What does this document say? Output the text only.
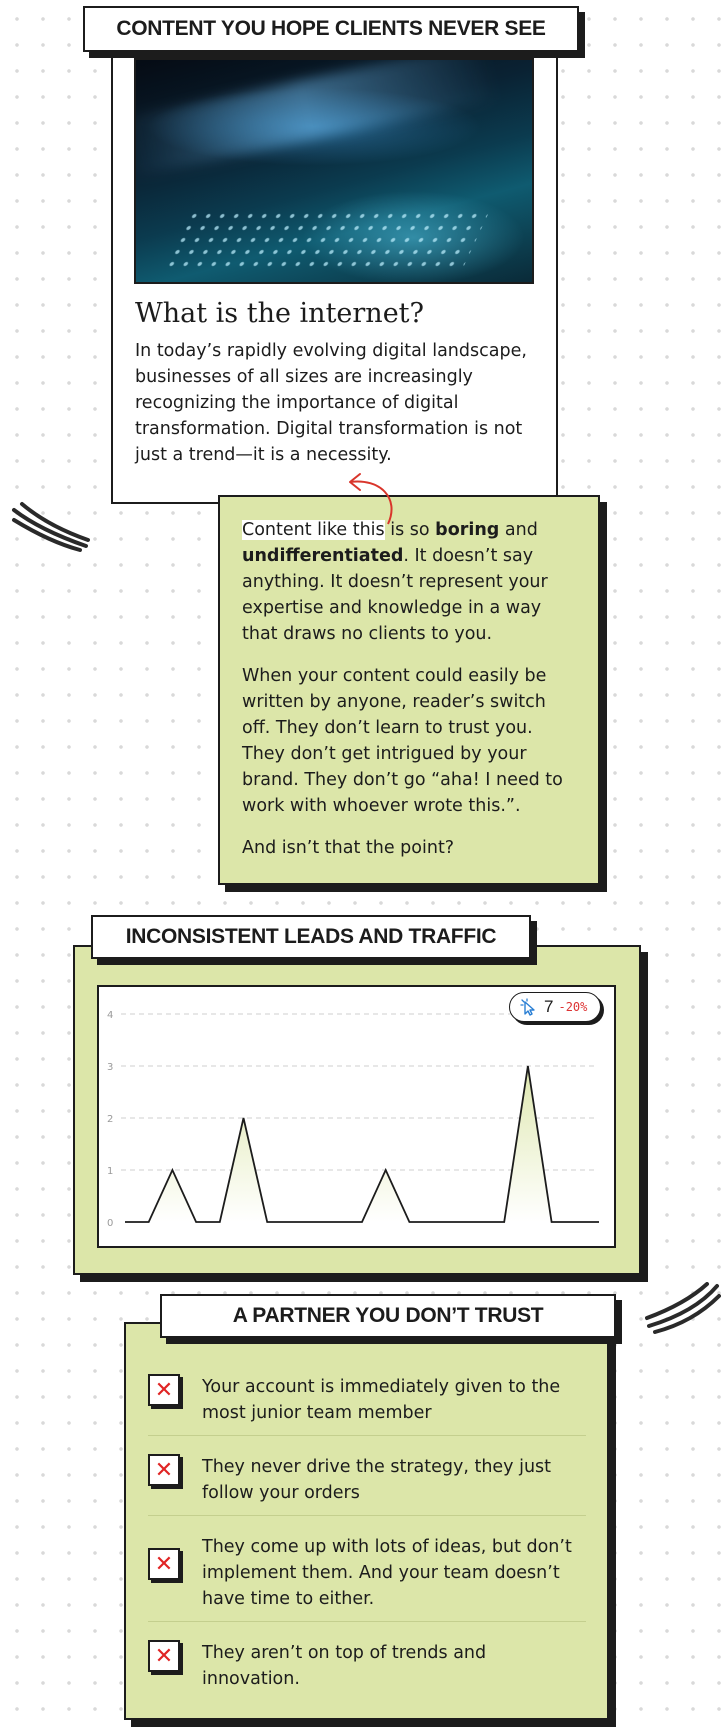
CONTENT YOU HOPE CLIENTS NEVER SEE
What is the internet?
In today’s rapidly evolving digital landscape, businesses of all sizes are increasingly recognizing the importance of digital transformation. Digital transformation is not just a trend—it is a necessity.

Content like this is so boring and undifferentiated. It doesn’t say anything. It doesn’t represent your expertise and knowledge in a way that draws no clients to you.

When your content could easily be written by anyone, reader’s switch off. They don’t learn to trust you. They don’t get intrigued by your brand. They don’t go “aha! I need to work with whoever wrote this.”.

And isn’t that the point?

INCONSISTENT LEADS AND TRAFFIC
0
1
2
3
4	7 -20%
A PARTNER YOU DON’T TRUST
✕	Your account is immediately given to the most junior team member
✕	They never drive the strategy, they just follow your orders
✕
They come up with lots of ideas, but don’t implement them. And your team doesn’t have time to either.
✕	They aren’t on top of trends and innovation.
